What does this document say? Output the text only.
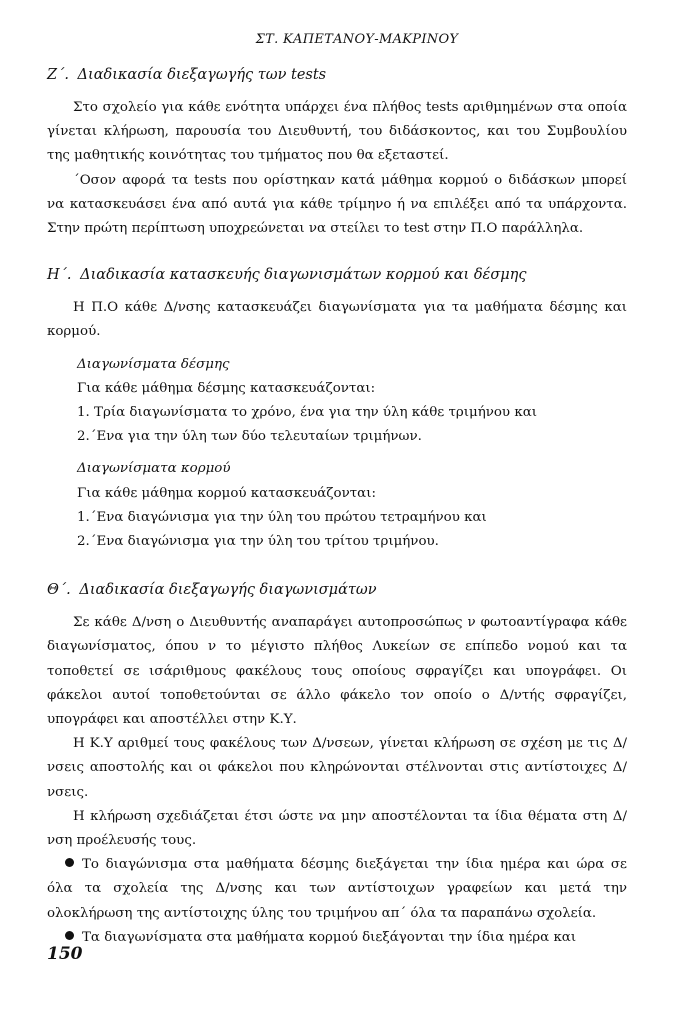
ΣΤ. ΚΑΠΕΤΑΝΟΥ-ΜΑΚΡΙΝΟΥ
Ζ΄. Διαδικασία διεξαγωγής των tests

Στο σχολείο για κάθε ενότητα υπάρχει ένα πλήθος tests αριθμημένων στα οποία γίνεται κλήρωση, παρουσία του Διευθυντή, του διδάσκοντος, και του Συμβουλίου της μαθητικής κοινότητας του τμήματος που θα εξεταστεί.

΄Οσον αφορά τα tests που ορίστηκαν κατά μάθημα κορμού ο διδάσκων μπορεί να κατασκευάσει ένα από αυτά για κάθε τρίμηνο ή να επιλέξει από τα υπάρχοντα. Στην πρώτη περίπτωση υποχρεώνεται να στείλει το test στην Π.Ο παράλληλα.

Η΄. Διαδικασία κατασκευής διαγωνισμάτων κορμού και δέσμης

Η Π.Ο κάθε Δ/νσης κατασκευάζει διαγωνίσματα για τα μαθήματα δέσμης και κορμού.

Διαγωνίσματα δέσμης
Για κάθε μάθημα δέσμης κατασκευάζονται:
1. Τρία διαγωνίσματα το χρόνο, ένα για την ύλη κάθε τριμήνου και
2.΄Ενα για την ύλη των δύο τελευταίων τριμήνων.
Διαγωνίσματα κορμού
Για κάθε μάθημα κορμού κατασκευάζονται:
1.΄Ενα διαγώνισμα για την ύλη του πρώτου τετραμήνου και
2.΄Ενα διαγώνισμα για την ύλη του τρίτου τριμήνου.
Θ΄. Διαδικασία διεξαγωγής διαγωνισμάτων

Σε κάθε Δ/νση ο Διευθυντής αναπαράγει αυτοπροσώπως ν φωτοαντίγραφα κάθε διαγωνίσματος, όπου ν το μέγιστο πλήθος Λυκείων σε επίπεδο νομού και τα τοποθετεί σε ισάριθμους φακέλους τους οποίους σφραγίζει και υπογράφει. Οι φάκελοι αυτοί τοποθετούνται σε άλλο φάκελο τον οποίο ο Δ/ντής σφραγίζει, υπογράφει και αποστέλλει στην Κ.Υ.

Η Κ.Υ αριθμεί τους φακέλους των Δ/νσεων, γίνεται κλήρωση σε σχέση με τις Δ/νσεις αποστολής και οι φάκελοι που κληρώνονται στέλνονται στις αντίστοιχες Δ/νσεις.

Η κλήρωση σχεδιάζεται έτσι ώστε να μην αποστέλονται τα ίδια θέματα στη Δ/νση προέλευσής τους.

Το διαγώνισμα στα μαθήματα δέσμης διεξάγεται την ίδια ημέρα και ώρα σε όλα τα σχολεία της Δ/νσης και των αντίστοιχων γραφείων και μετά την ολοκλήρωση της αντίστοιχης ύλης του τριμήνου απ΄ όλα τα παραπάνω σχολεία.

Τα διαγωνίσματα στα μαθήματα κορμού διεξάγονται την ίδια ημέρα και

150
